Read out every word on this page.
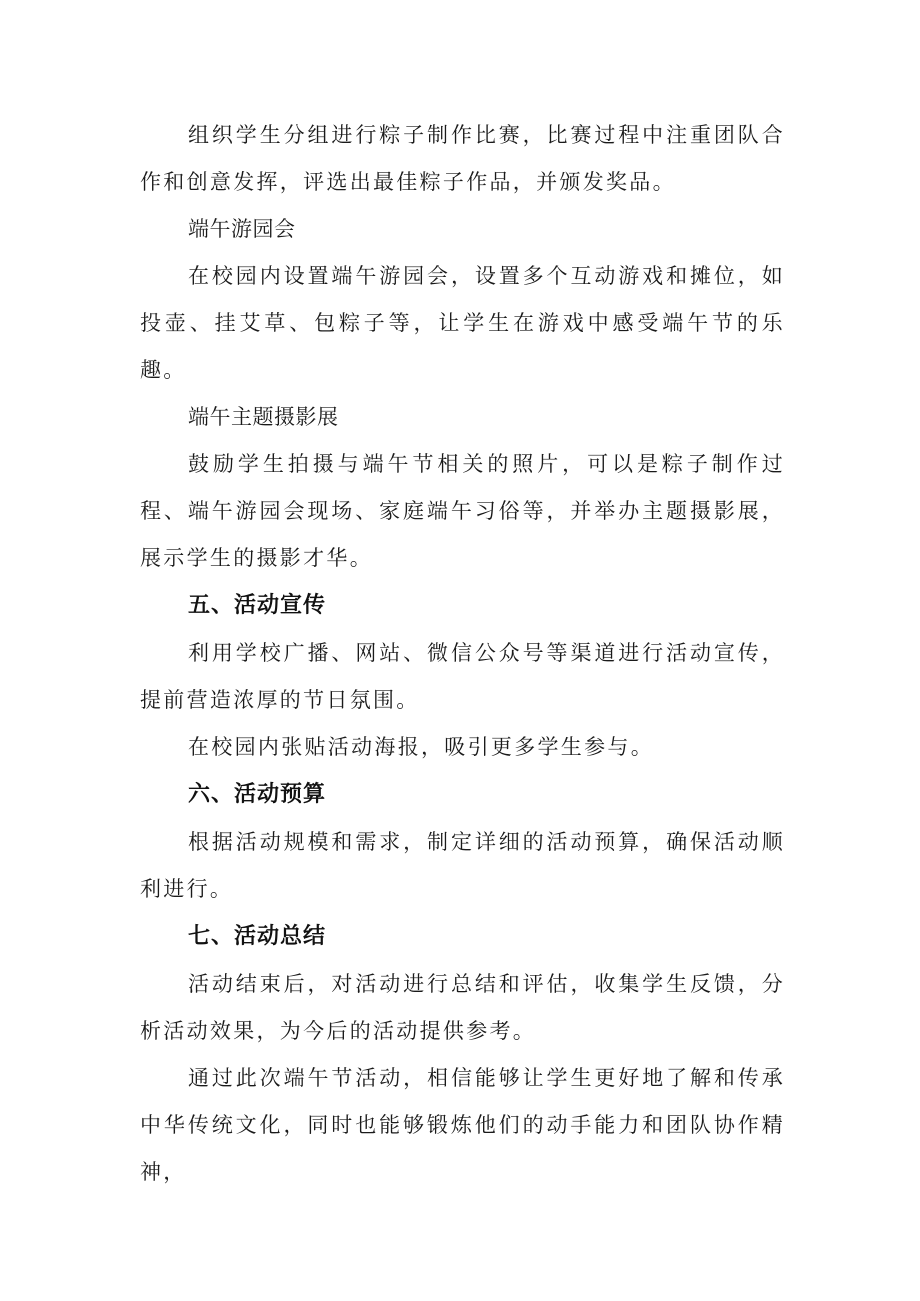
组织学生分组进行粽子制作比赛，比赛过程中注重团队合作和创意发挥，评选出最佳粽子作品，并颁发奖品。

端午游园会

在校园内设置端午游园会，设置多个互动游戏和摊位，如投壶、挂艾草、包粽子等，让学生在游戏中感受端午节的乐趣。

端午主题摄影展

鼓励学生拍摄与端午节相关的照片，可以是粽子制作过程、端午游园会现场、家庭端午习俗等，并举办主题摄影展，展示学生的摄影才华。

五、活动宣传

利用学校广播、网站、微信公众号等渠道进行活动宣传，提前营造浓厚的节日氛围。

在校园内张贴活动海报，吸引更多学生参与。

六、活动预算

根据活动规模和需求，制定详细的活动预算，确保活动顺利进行。

七、活动总结

活动结束后，对活动进行总结和评估，收集学生反馈，分析活动效果，为今后的活动提供参考。

通过此次端午节活动，相信能够让学生更好地了解和传承中华传统文化，同时也能够锻炼他们的动手能力和团队协作精神，
